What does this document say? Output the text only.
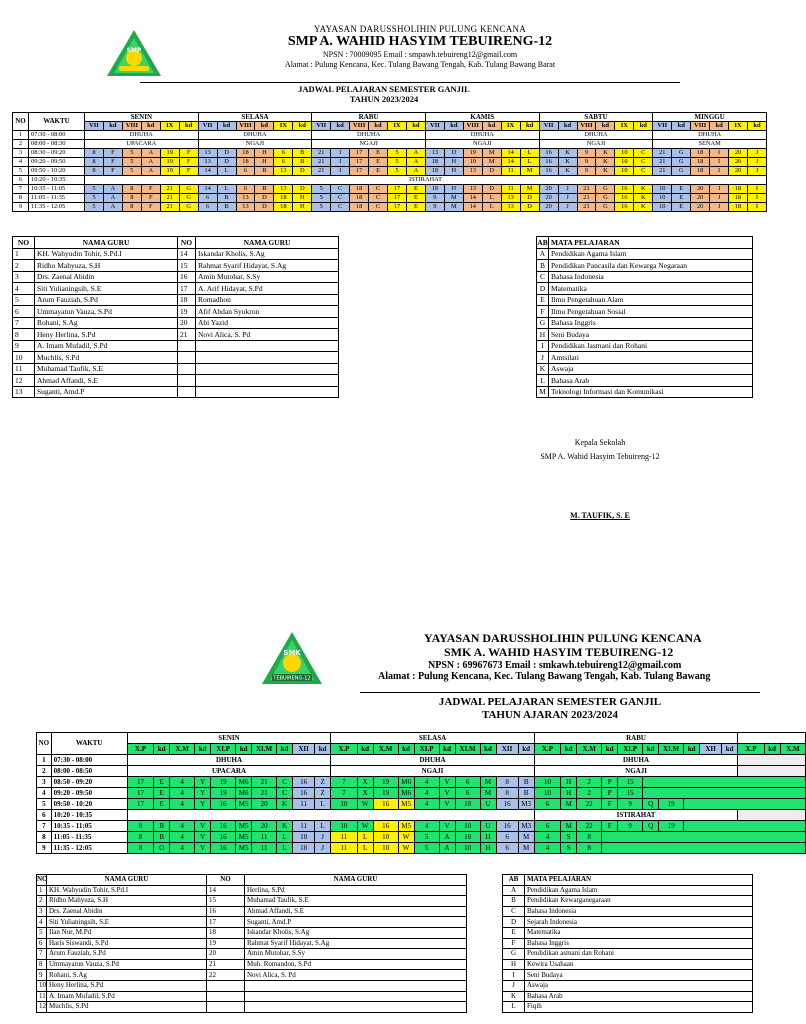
SMP
YAYASAN DARUSSHOLIHIN PULUNG KENCANA
SMP A. WAHID HASYIM TEBUIRENG-12
NPSN : 70009095 Email : smpawh.tebuireng12@gmail.com
Alamat : Pulung Kencana, Kec. Tulang Bawang Tengah, Kab. Tulang Bawang Barat
JADWAL PELAJARAN SEMESTER GANJIL
TAHUN 2023/2024
NO	WAKTU	SENIN						SELASA						RABU						KAMIS						SABTU						MINGGU					
		VII	kd	VIII	kd	IX	kd	VII	kd	VIII	kd	IX	kd	VII	kd	VIII	kd	IX	kd	VII	kd	VIII	kd	IX	kd	VII	kd	VIII	kd	IX	kd	VII	kd	VIII	kd	IX	kd
1	07:30 - 08:00	DHUHA						DHUHA						DHUHA						DHUHA						DHUHA						DHUHA					
2	08:00 - 08:30	UPACARA						NGAJI						NGAJI						NGAJI						NGAJI						SENAM					
3	08:30 - 09:20	8	F	5	A	19	F	13	D	18	H	6	B	21	I	17	E	5	A	13	D	19	M	14	L	16	K	9	K	10	C	21	G	18	I	20	J
4	09:20 - 09:50	8	F	5	A	19	F	13	D	18	H	6	B	21	I	17	E	5	A	18	H	19	M	14	L	16	K	9	K	10	C	21	G	18	I	20	J
5	09:50 - 10:20	8	F	5	A	19	F	14	L	6	B	13	D	21	I	17	E	5	A	18	H	13	D	11	M	16	K	9	K	10	C	21	G	18	I	20	J
6	10:20 - 10:35	ISTIRAHAT																																			
7	10:35 - 11:05	5	A	8	F	21	G	14	L	6	B	13	D	5	C	18	C	17	E	18	H	13	D	11	M	20	J	21	G	16	K	10	E	20	J	18	I
8	11:05 - 11:35	5	A	8	F	21	G	6	B	13	D	18	H	5	C	18	C	17	E	9	M	14	L	13	D	20	J	21	G	16	K	10	E	20	J	18	I
9	11:35 - 12:05	5	A	8	F	21	G	6	B	13	D	18	H	5	C	18	C	17	E	9	M	14	L	13	D	20	J	21	G	16	K	10	E	20	J	18	I
NO	NAMA GURU	NO	NAMA GURU
1	KH. Wahyudin Tohir, S.Pd.I	14	Iskandar Kholis, S.Ag
2	Ridho Mahyuza, S.H	15	Rahmat Syarif Hidayat, S.Ag
3	Drs. Zaenal Abidin	16	Amin Mutohar, S.Sy
4	Siti Yulianingsih, S.E	17	A. Arif Hidayat, S.Pd
5	Arum Fauziah, S.Pd	18	Romadhon
6	Ummayatun Vauza, S.Pd	19	Afif Abdan Syukron
7	Rohani, S.Ag	20	Abi Yazid
8	Heny Herlina, S.Pd	21	Novi Alica, S. Pd
9	A. Imam Mufadil, S.Pd		
10	Muchlis, S.Pd		
11	Muhamad Taufik, S.E		
12	Ahmad Affandi, S.E		
13	Suganti, Amd.P		
AB	MATA PELAJARAN
A	Pendidikan Agama Islam
B	Pendidikan Pancasila dan Kewarga Negaraan
C	Bahasa Indonesia
D	Matematika
E	Ilmu Pengetahuan Alam
F	Ilmu Pengetahuan Sosial
G	Bahasa Inggris
H	Seni Budaya
I	Pendidikan Jasmani dan Rohani
J	Amtsilati
K	Aswaja
L	Bahasa Arab
M	Teknologi Informasi dan Komunikasi
Kepala Sekolah
SMP A. Wahid Hasyim Tebuireng-12
M. TAUFIK, S. E
SMK
TEBUIRENG-12
YAYASAN DARUSSHOLIHIN PULUNG KENCANA
SMK A. WAHID HASYIM TEBUIRENG-12
NPSN : 69967673 Email : smkawh.tebuireng12@gmail.com
Alamat : Pulung Kencana, Kec. Tulang Bawang Tengah, Kab. Tulang Bawang
JADWAL PELAJARAN SEMESTER GANJIL
TAHUN AJARAN 2023/2024
NO	WAKTU	SENIN										SELASA										RABU												
		X.P	kd	X.M	kd	XI.P	kd	XI.M	kd	XII	kd	X.P	kd	X.M	kd	XI.P	kd	XI.M	kd	XII	kd	X.P	kd	X.M	kd	XI.P	kd	XI.M	kd	XII	kd	X.P	kd	X.M
1	07:30 - 08:00	DHUHA										DHUHA										DHUHA												
2	08:00 - 08:50	UPACARA										NGAJI										NGAJI												
3	08:50 - 09:20	17	E	4	Y	19	M6	21	C	16	Z	7	X	19	M6	4	V	6	M	8	B	10	H	2	P	15								
4	09:20 - 09:50	17	E	4	Y	19	M6	21	C	16	Z	7	X	19	M6	4	V	6	M	8	B	10	H	2	P	15								
5	09:50 - 10:20	17	E	4	Y	16	M5	20	K	11	L	10	W	16	M5	4	V	10	U	16	M3	6	M	22	F	9	Q	19						
6	10:20 - 10:35																					ISTIRAHAT												
7	10:35 - 11:05	8	B	4	V	16	M5	20	K	11	L	10	W	16	M5	4	V	10	U	16	M3	6	M	22	F	9	Q	19						
8	11:05 - 11:35	8	B	4	V	16	M5	11	L	18	J	11	L	10	W	5	A	10	H	6	M	4	S	8										
9	11:35 - 12:05	8	O	4	V	16	M5	11	L	18	J	11	L	10	W	5	A	10	H	6	M	4	S	8										
NO	NAMA GURU	NO	NAMA GURU
1	KH. Wahyudin Tohir, S.Pd.I	14	Herlina, S.Pd
2	Ridho Mahyuza, S.H	15	Muhamad Taufik, S.E
3	Drs. Zaenal Abidin	16	Ahmad Affandi, S.E
4	Siti Yulianingsih, S.E	17	Suganti, Amd.P
5	Ilan Nur, M.Pd	18	Iskandar Kholis, S.Ag
6	Haris Siswandi, S.Pd	19	Rahmat Syarif Hidayat, S.Ag
7	Arum Fauziah, S.Pd	20	Amin Mutohar, S.Sy
8	Ummayatun Vauza, S.Pd	21	Muh. Romandon, S.Pd
9	Rohani, S.Ag	22	Novi Alica, S. Pd
10	Heny Herlina, S.Pd		
11	A. Imam Mufadil, S.Pd		
12	Muchlis, S.Pd		
AB	MATA PELAJARAN
A	Pendidikan Agama Islam
B	Pendidikan Kewarganegaraan
C	Bahasa Indonesia
D	Sejarah Indonesia
E	Matematika
F	Bahasa Inggris
G	Pendidikan asmani dan Rohani
H	Kewira Usahaan
I	Seni Budaya
J	Aswaja
K	Bahasa Arab
L	Fiqih
